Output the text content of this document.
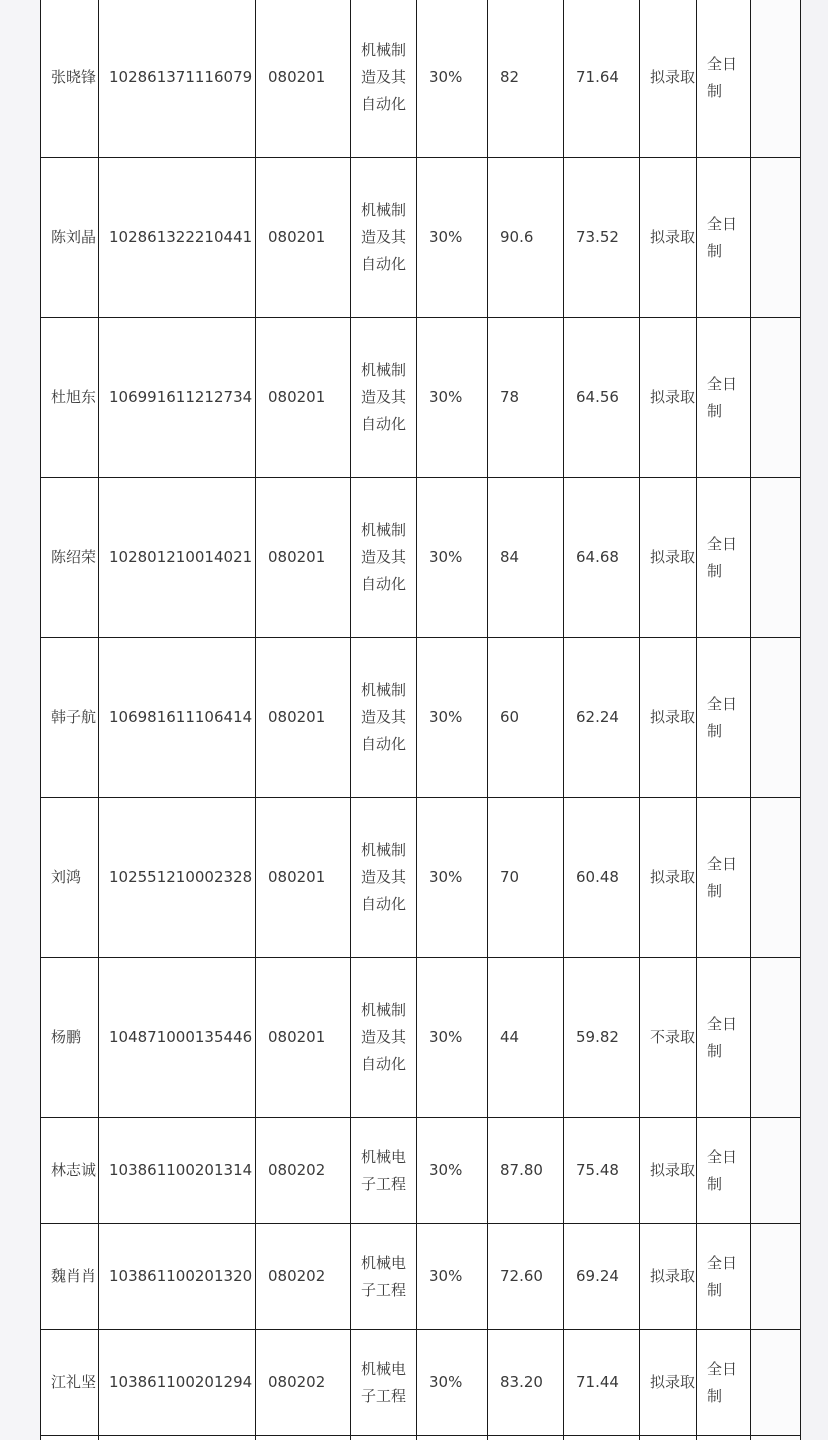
张晓锋	102861371116079	080201	机械制造及其自动化	30%	82	71.64	拟录取	全日制	
陈刘晶	102861322210441	080201	机械制造及其自动化	30%	90.6	73.52	拟录取	全日制	
杜旭东	106991611212734	080201	机械制造及其自动化	30%	78	64.56	拟录取	全日制	
陈绍荣	102801210014021	080201	机械制造及其自动化	30%	84	64.68	拟录取	全日制	
韩子航	106981611106414	080201	机械制造及其自动化	30%	60	62.24	拟录取	全日制	
刘鸿	102551210002328	080201	机械制造及其自动化	30%	70	60.48	拟录取	全日制	
杨鹏	104871000135446	080201	机械制造及其自动化	30%	44	59.82	不录取	全日制	
林志诚	103861100201314	080202	机械电子工程	30%	87.80	75.48	拟录取	全日制	
魏肖肖	103861100201320	080202	机械电子工程	30%	72.60	69.24	拟录取	全日制	
江礼坚	103861100201294	080202	机械电子工程	30%	83.20	71.44	拟录取	全日制	
